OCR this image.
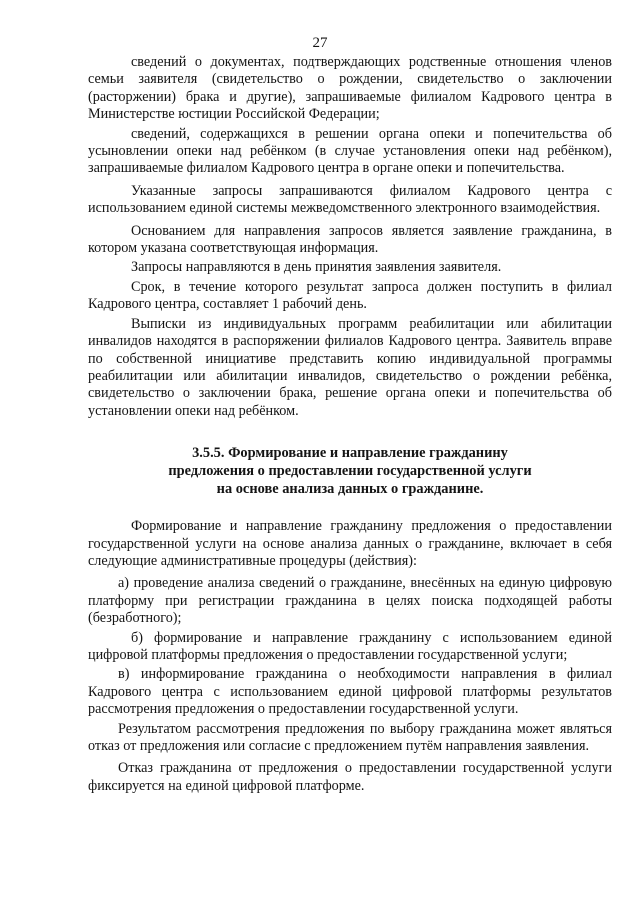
27

сведений о документах, подтверждающих родственные отношения членов семьи заявителя (свидетельство о рождении, свидетельство о заключении (расторжении) брака и другие), запрашиваемые филиалом Кадрового центра в Министерстве юстиции Российской Федерации;

сведений, содержащихся в решении органа опеки и попечительства об усыновлении опеки над ребёнком (в случае установления опеки над ребёнком), запрашиваемые филиалом Кадрового центра в органе опеки и попечительства.

Указанные запросы запрашиваются филиалом Кадрового центра с использованием единой системы межведомственного электронного взаимодействия.

Основанием для направления запросов является заявление гражданина, в котором указана соответствующая информация.

Запросы направляются в день принятия заявления заявителя.

Срок, в течение которого результат запроса должен поступить в филиал Кадрового центра, составляет 1 рабочий день.

Выписки из индивидуальных программ реабилитации или абилитации инвалидов находятся в распоряжении филиалов Кадрового центра. Заявитель вправе по собственной инициативе представить копию индивидуальной программы реабилитации или абилитации инвалидов, свидетельство о рождении ребёнка, свидетельство о заключении брака, решение органа опеки и попечительства об установлении опеки над ребёнком.

3.5.5. Формирование и направление гражданину
предложения о предоставлении государственной услуги
на основе анализа данных о гражданине.

Формирование и направление гражданину предложения о предоставлении государственной услуги на основе анализа данных о гражданине, включает в себя следующие административные процедуры (действия):

а) проведение анализа сведений о гражданине, внесённых на единую цифровую платформу при регистрации гражданина в целях поиска подходящей работы (безработного);

б) формирование и направление гражданину с использованием единой цифровой платформы предложения о предоставлении государственной услуги;

в) информирование гражданина о необходимости направления в филиал Кадрового центра с использованием единой цифровой платформы результатов рассмотрения предложения о предоставлении государственной услуги.

Результатом рассмотрения предложения по выбору гражданина может являться отказ от предложения или согласие с предложением путём направления заявления.

Отказ гражданина от предложения о предоставлении государственной услуги фиксируется на единой цифровой платформе.
